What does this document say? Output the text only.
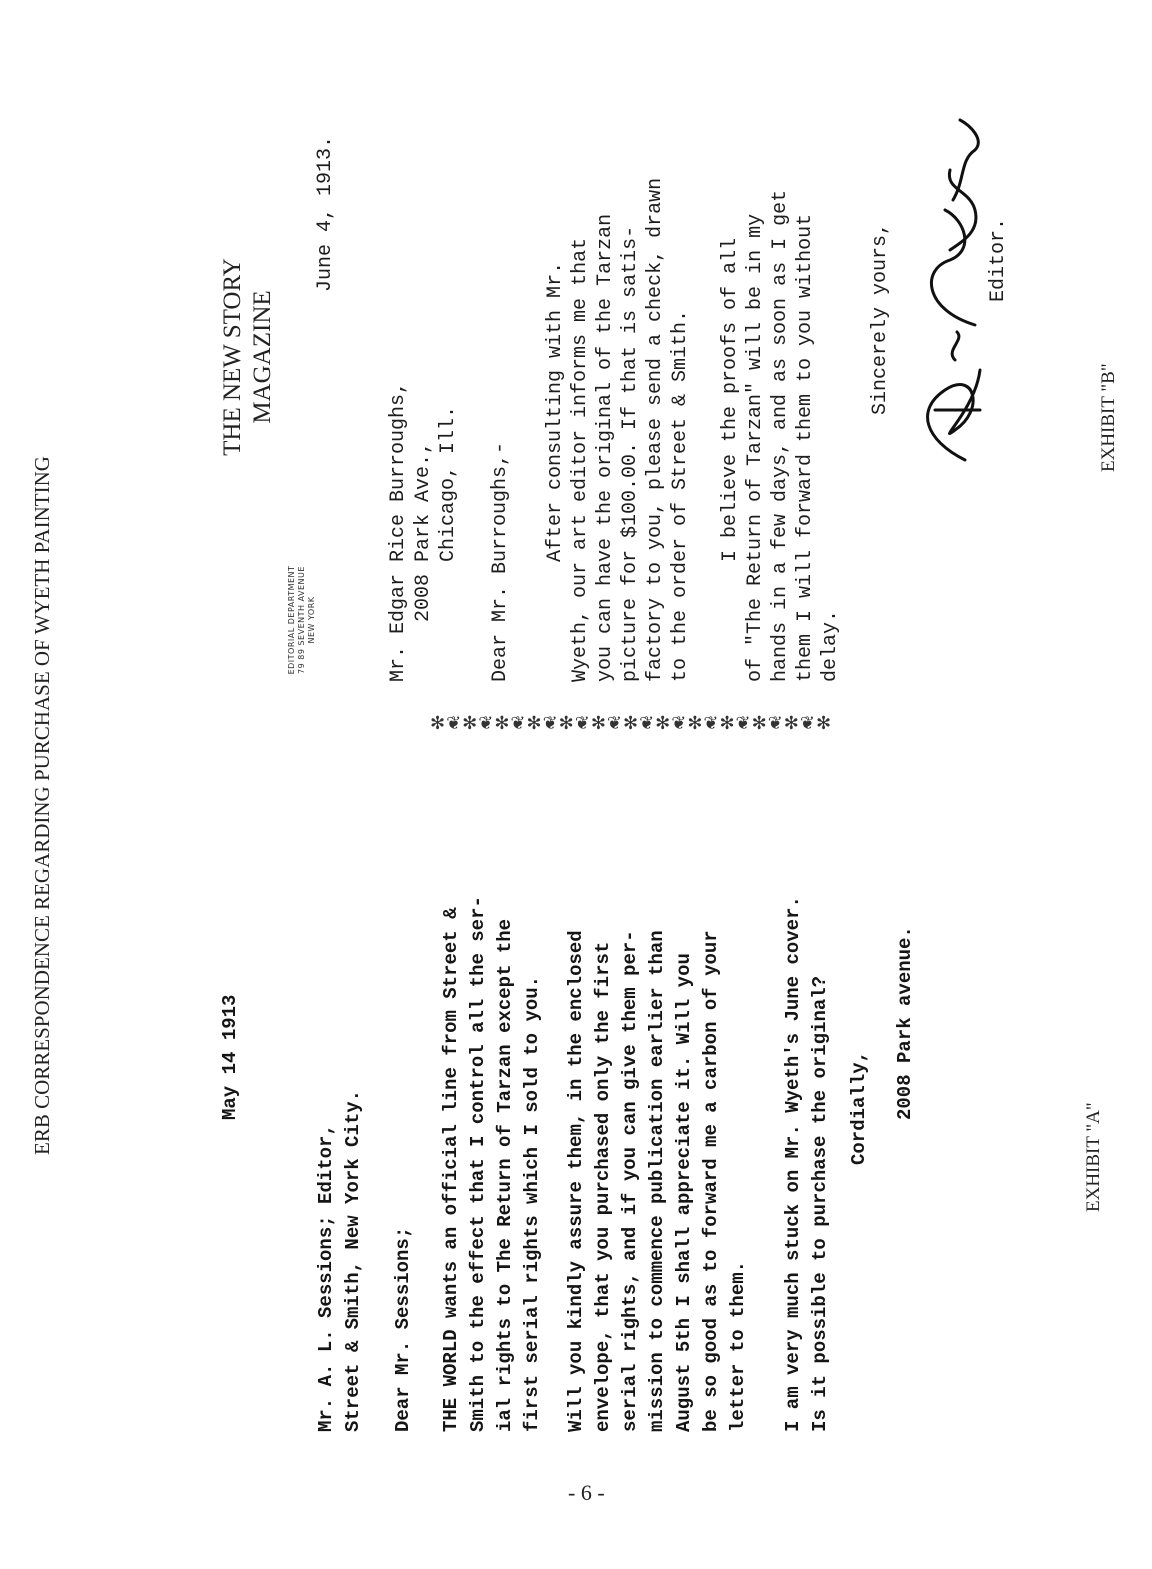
ERB CORRESPONDENCE REGARDING PURCHASE OF WYETH PAINTING
- 6 -
EXHIBIT "A"
EXHIBIT "B"
May 14 1913
Mr. A. L. Sessions; Editor, Street & Smith, New York City. Dear Mr. Sessions; THE WORLD wants an official line from Street & Smith to the effect that I control all the ser- ial rights to The Return of Tarzan except the first serial rights which I sold to you. Will you kindly assure them, in the enclosed envelope, that you purchased only the first serial rights, and if you can give them per- mission to commence publication earlier than August 5th I shall appreciate it. Will you be so good as to forward me a carbon of your letter to them. I am very much stuck on Mr. Wyeth's June cover. Is it possible to purchase the original? Cordially, 2008 Park avenue.
✻❦✻❦✻❦✻❦✻❦✻❦✻❦✻❦✻❦✻❦✻❦✻❦✻
THE NEW STORY MAGAZINE
EDITORIAL DEPARTMENT 79 89 SEVENTH AVENUE NEW YORK
June 4, 1913.
Mr. Edgar Rice Burroughs, 2008 Park Ave., Chicago, Ill. Dear Mr. Burroughs,- After consulting with Mr. Wyeth, our art editor informs me that you can have the original of the Tarzan picture for $100.00. If that is satis- factory to you, please send a check, drawn to the order of Street & Smith. I believe the proofs of all of "The Return of Tarzan" will be in my hands in a few days, and as soon as I get them I will forward them to you without delay.
Sincerely yours,	Editor.
